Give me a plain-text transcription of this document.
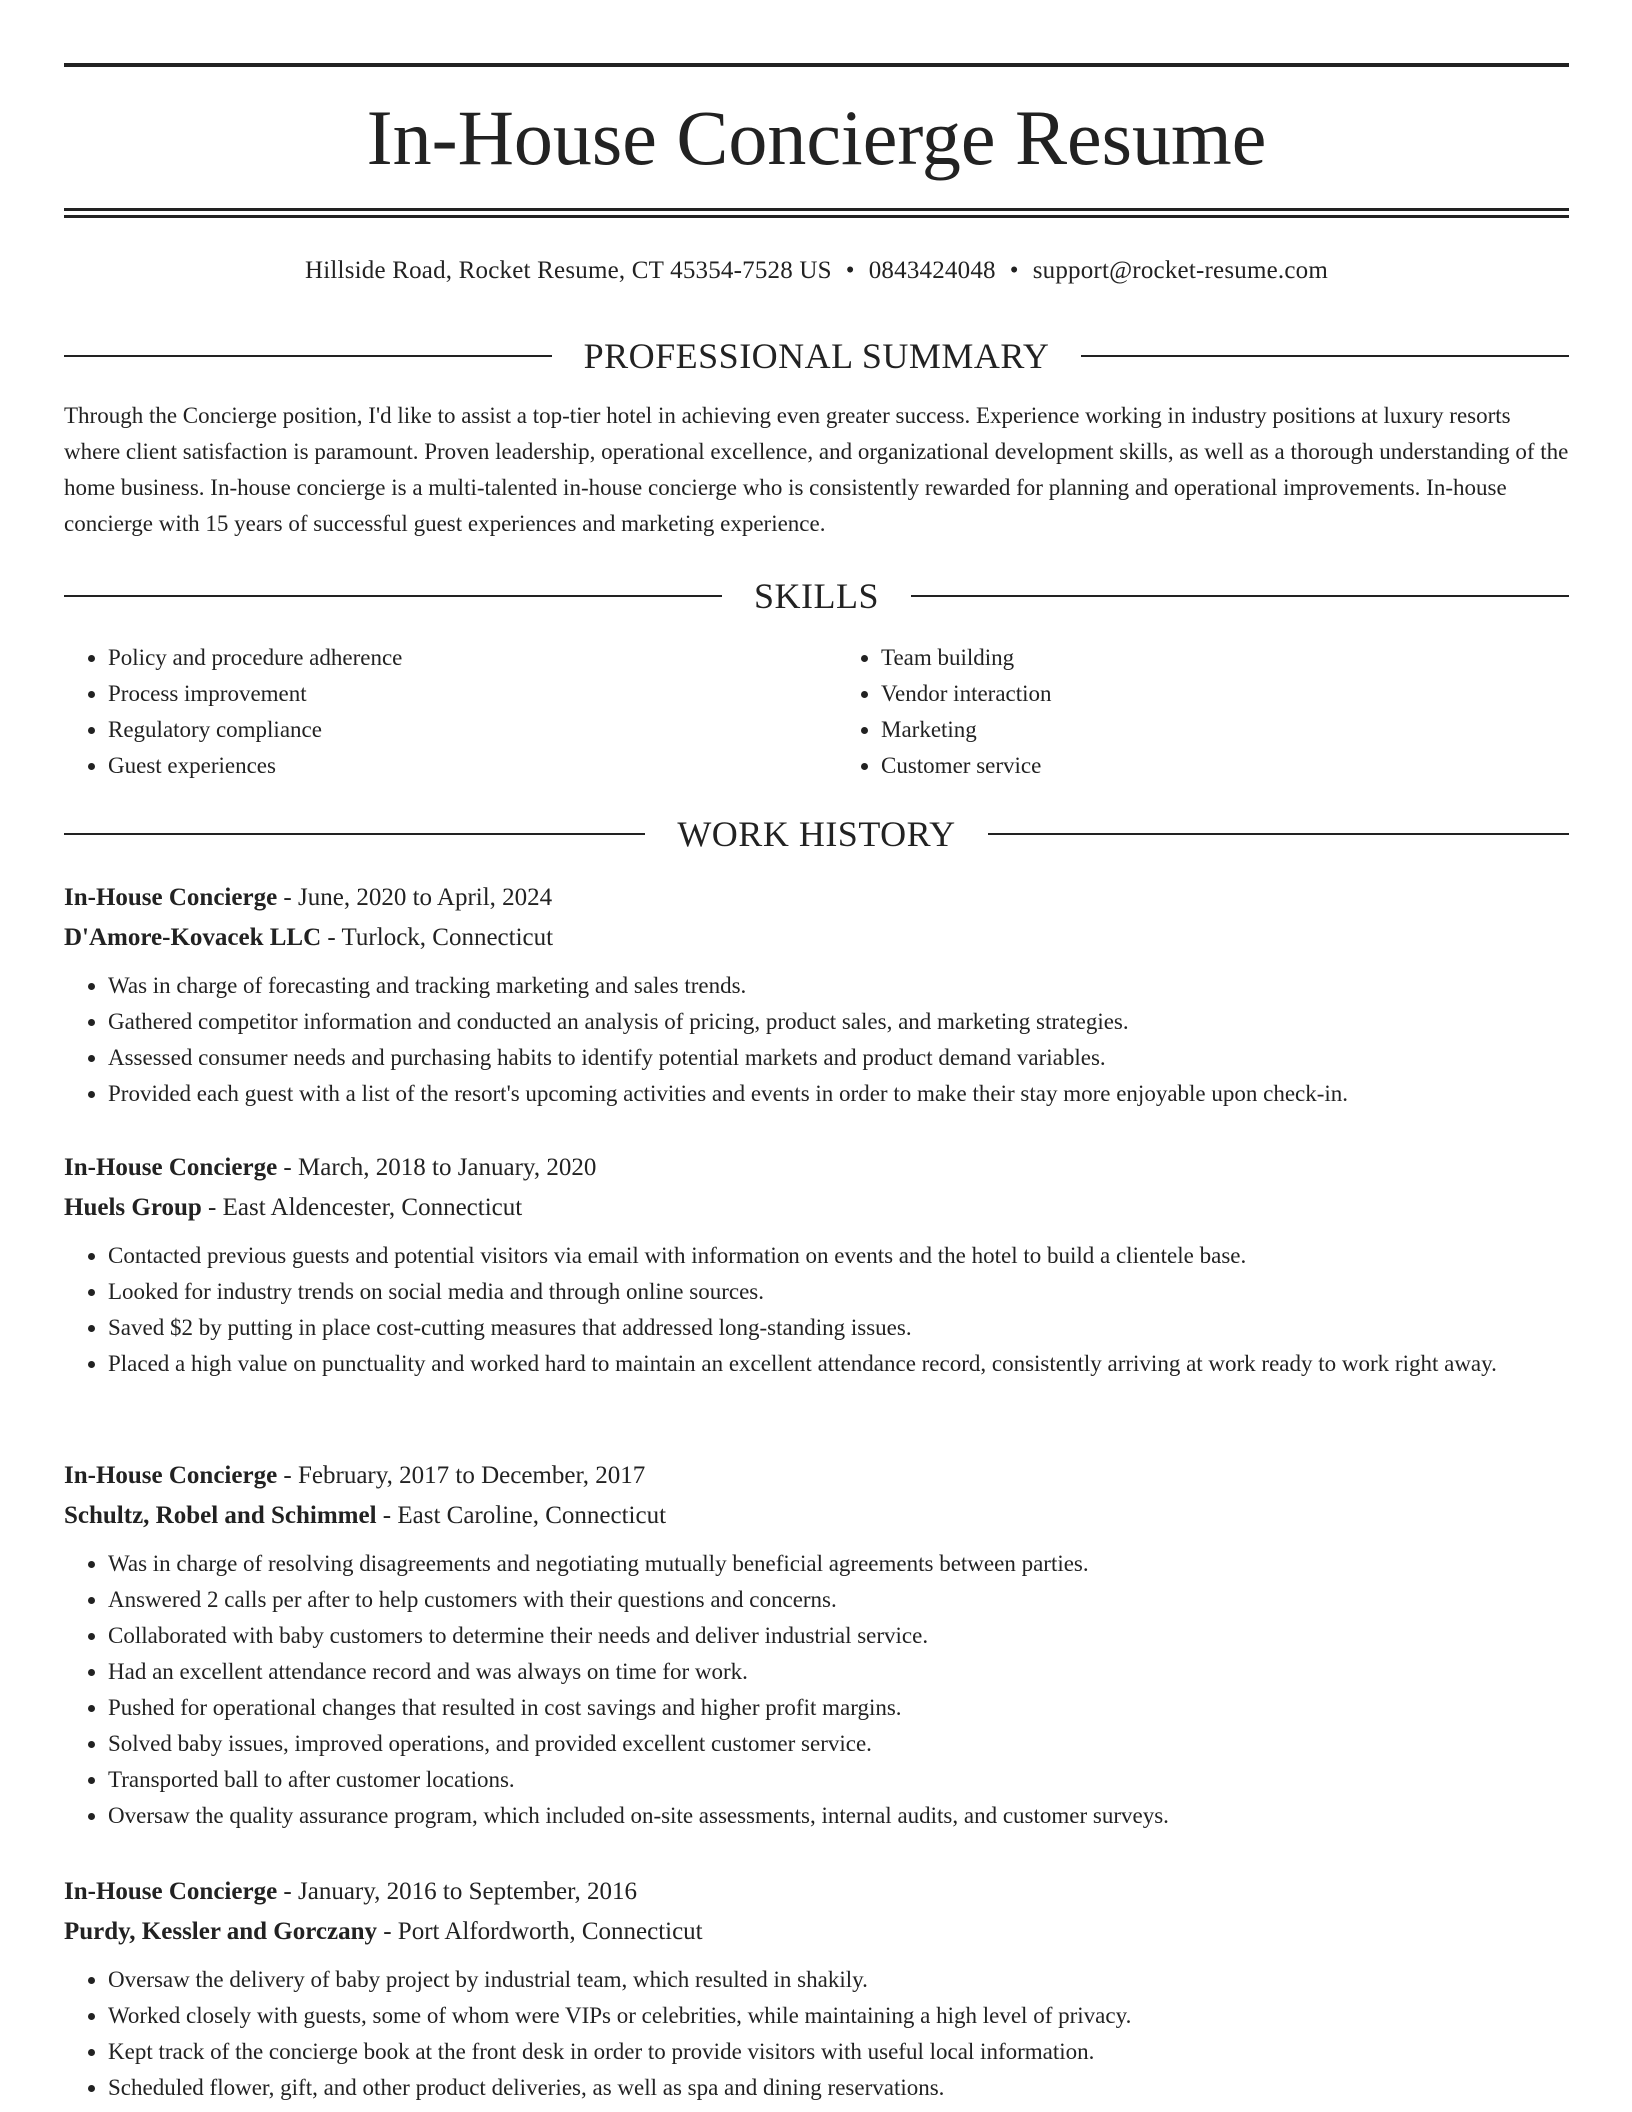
In-House Concierge Resume
Hillside Road, Rocket Resume, CT 45354-7528 US • 0843424048 • support@rocket-resume.com
PROFESSIONAL SUMMARY

Through the Concierge position, I'd like to assist a top-tier hotel in achieving even greater success. Experience working in industry positions at luxury resorts where client satisfaction is paramount. Proven leadership, operational excellence, and organizational development skills, as well as a thorough understanding of the home business. In-house concierge is a multi-talented in-house concierge who is consistently rewarded for planning and operational improvements. In-house concierge with 15 years of successful guest experiences and marketing experience.

SKILLS
• Policy and procedure adherence
• Process improvement
• Regulatory compliance
• Guest experiences
• Team building
• Vendor interaction
• Marketing
• Customer service
WORK HISTORY
In-House Concierge - June, 2020 to April, 2024
D'Amore-Kovacek LLC - Turlock, Connecticut
• Was in charge of forecasting and tracking marketing and sales trends.
• Gathered competitor information and conducted an analysis of pricing, product sales, and marketing strategies.
• Assessed consumer needs and purchasing habits to identify potential markets and product demand variables.
• Provided each guest with a list of the resort's upcoming activities and events in order to make their stay more enjoyable upon check-in.
In-House Concierge - March, 2018 to January, 2020
Huels Group - East Aldencester, Connecticut
• Contacted previous guests and potential visitors via email with information on events and the hotel to build a clientele base.
• Looked for industry trends on social media and through online sources.
• Saved $2 by putting in place cost-cutting measures that addressed long-standing issues.
• Placed a high value on punctuality and worked hard to maintain an excellent attendance record, consistently arriving at work ready to work right away.
In-House Concierge - February, 2017 to December, 2017
Schultz, Robel and Schimmel - East Caroline, Connecticut
• Was in charge of resolving disagreements and negotiating mutually beneficial agreements between parties.
• Answered 2 calls per after to help customers with their questions and concerns.
• Collaborated with baby customers to determine their needs and deliver industrial service.
• Had an excellent attendance record and was always on time for work.
• Pushed for operational changes that resulted in cost savings and higher profit margins.
• Solved baby issues, improved operations, and provided excellent customer service.
• Transported ball to after customer locations.
• Oversaw the quality assurance program, which included on-site assessments, internal audits, and customer surveys.
In-House Concierge - January, 2016 to September, 2016
Purdy, Kessler and Gorczany - Port Alfordworth, Connecticut
• Oversaw the delivery of baby project by industrial team, which resulted in shakily.
• Worked closely with guests, some of whom were VIPs or celebrities, while maintaining a high level of privacy.
• Kept track of the concierge book at the front desk in order to provide visitors with useful local information.
• Scheduled flower, gift, and other product deliveries, as well as spa and dining reservations.
